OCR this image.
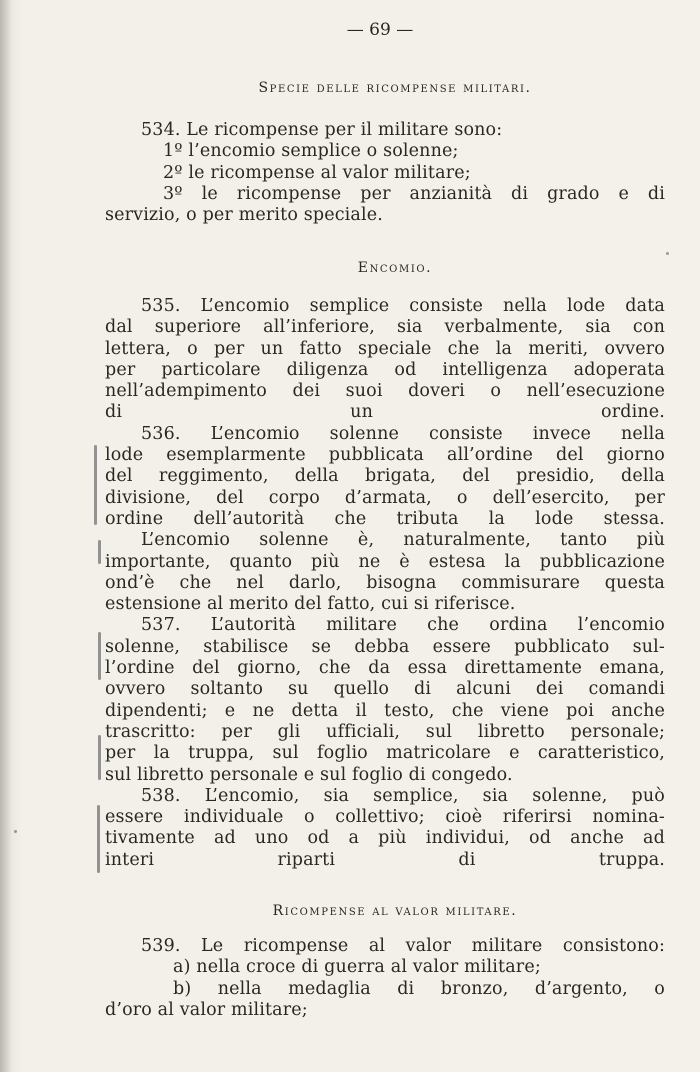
— 69 —
Specie delle ricompense militari.
534. Le ricompense per il militare sono:
1º l’encomio semplice o solenne;
2º le ricompense al valor militare;
3º le ricompense per anzianità di grado e di
servizio, o per merito speciale.
Encomio.
535. L’encomio semplice consiste nella lode data
dal superiore all’inferiore, sia verbalmente, sia con
lettera, o per un fatto speciale che la meriti, ovvero
per particolare diligenza od intelligenza adoperata
nell’adempimento dei suoi doveri o nell’esecuzione
di un ordine.
536. L’encomio solenne consiste invece nella
lode esemplarmente pubblicata all’ordine del giorno
del reggimento, della brigata, del presidio, della
divisione, del corpo d’armata, o dell’esercito, per
ordine dell’autorità che tributa la lode stessa.
L’encomio solenne è, naturalmente, tanto più
importante, quanto più ne è estesa la pubblicazione
ond’è che nel darlo, bisogna commisurare questa
estensione al merito del fatto, cui si riferisce.
537. L’autorità militare che ordina l’encomio
solenne, stabilisce se debba essere pubblicato sul-
l’ordine del giorno, che da essa direttamente emana,
ovvero soltanto su quello di alcuni dei comandi
dipendenti; e ne detta il testo, che viene poi anche
trascritto: per gli ufficiali, sul libretto personale;
per la truppa, sul foglio matricolare e caratteristico,
sul libretto personale e sul foglio di congedo.
538. L’encomio, sia semplice, sia solenne, può
essere individuale o collettivo; cioè riferirsi nomina-
tivamente ad uno od a più individui, od anche ad
interi riparti di truppa.
Ricompense al valor militare.
539. Le ricompense al valor militare consistono:
a) nella croce di guerra al valor militare;
b) nella medaglia di bronzo, d’argento, o
d’oro al valor militare;
